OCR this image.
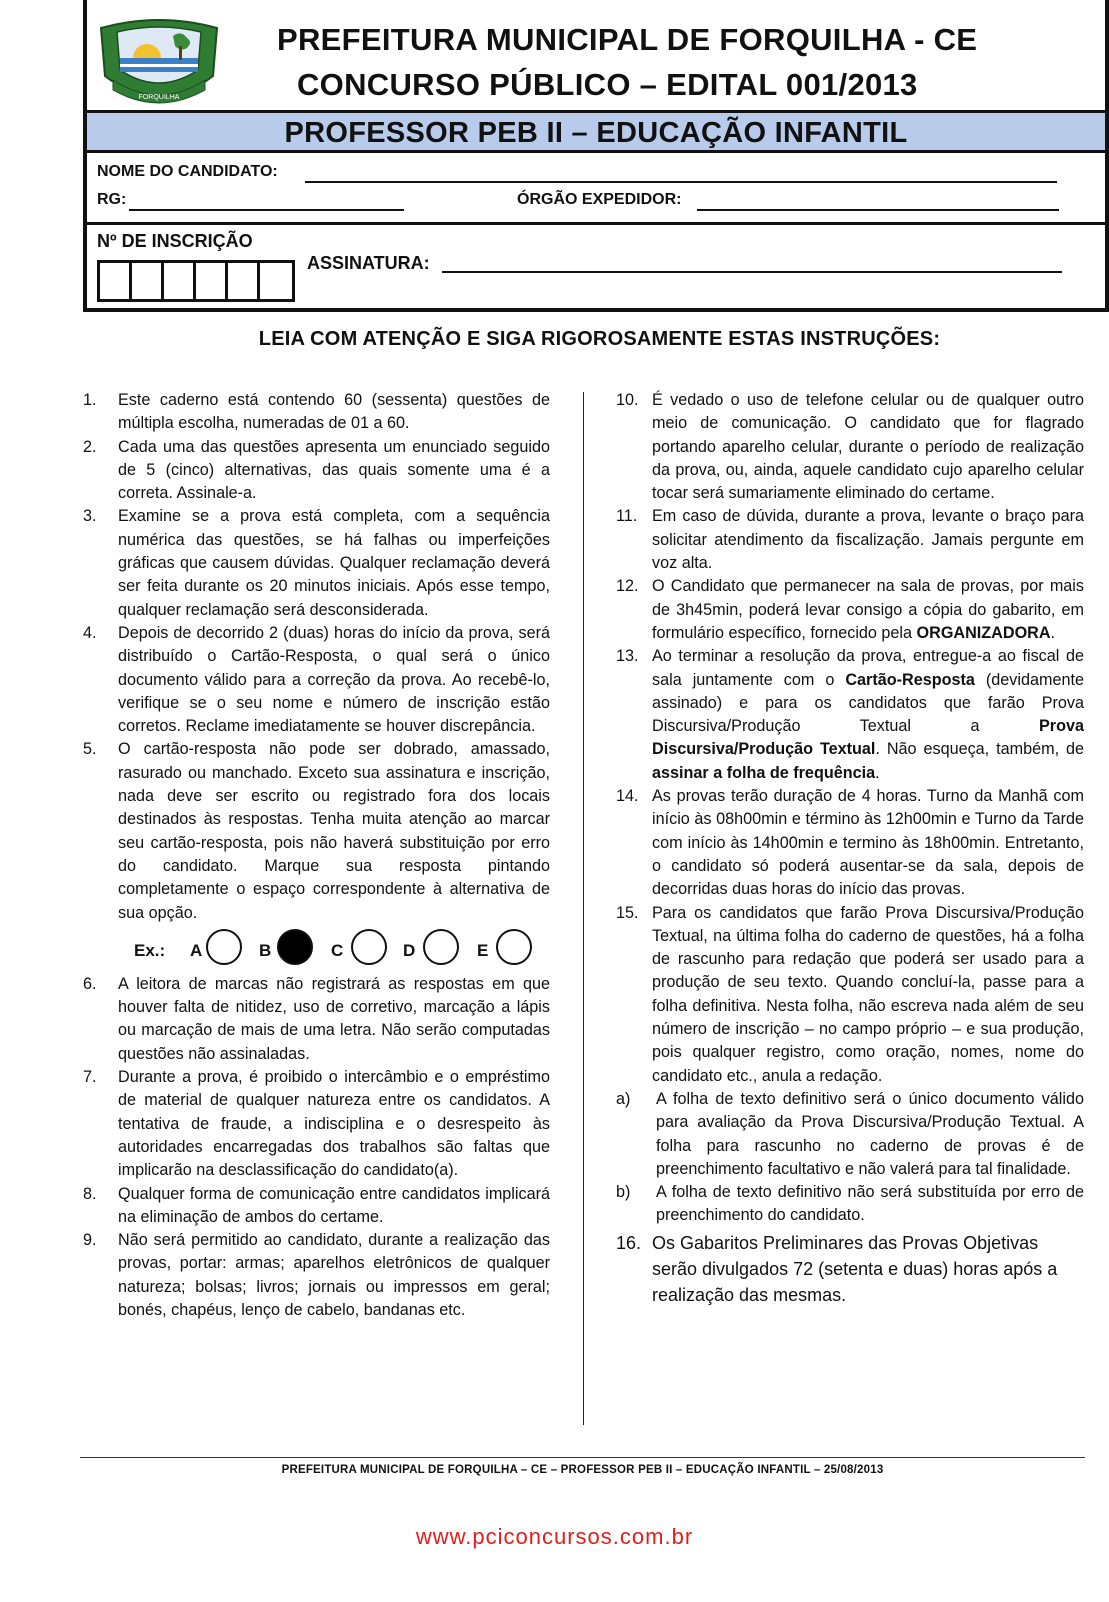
FORQUILHA
PREFEITURA MUNICIPAL DE FORQUILHA - CE
CONCURSO PÚBLICO – EDITAL 001/2013
PROFESSOR PEB II – EDUCAÇÃO INFANTIL
NOME DO CANDIDATO:
RG:	ÓRGÃO EXPEDIDOR:
Nº DE INSCRIÇÃO
ASSINATURA:
LEIA COM ATENÇÃO E SIGA RIGOROSAMENTE ESTAS INSTRUÇÕES:
1. Este caderno está contendo 60 (sessenta) questões de múltipla escolha, numeradas de 01 a 60.
2. Cada uma das questões apresenta um enunciado seguido de 5 (cinco) alternativas, das quais somente uma é a correta. Assinale-a.
3. Examine se a prova está completa, com a sequência numérica das questões, se há falhas ou imperfeições gráficas que causem dúvidas. Qualquer reclamação deverá ser feita durante os 20 minutos iniciais. Após esse tempo, qualquer reclamação será desconsiderada.
4. Depois de decorrido 2 (duas) horas do início da prova, será distribuído o Cartão-Resposta, o qual será o único documento válido para a correção da prova. Ao recebê-lo, verifique se o seu nome e número de inscrição estão corretos. Reclame imediatamente se houver discrepância.
5. O cartão-resposta não pode ser dobrado, amassado, rasurado ou manchado. Exceto sua assinatura e inscrição, nada deve ser escrito ou registrado fora dos locais destinados às respostas. Tenha muita atenção ao marcar seu cartão-resposta, pois não haverá substituição por erro do candidato. Marque sua resposta pintando completamente o espaço correspondente à alternativa de sua opção.
Ex.: A	B	C	D	E
6. A leitora de marcas não registrará as respostas em que houver falta de nitidez, uso de corretivo, marcação a lápis ou marcação de mais de uma letra. Não serão computadas questões não assinaladas.
7. Durante a prova, é proibido o intercâmbio e o empréstimo de material de qualquer natureza entre os candidatos. A tentativa de fraude, a indisciplina e o desrespeito às autoridades encarregadas dos trabalhos são faltas que implicarão na desclassificação do candidato(a).
8. Qualquer forma de comunicação entre candidatos implicará na eliminação de ambos do certame.
9. Não será permitido ao candidato, durante a realização das provas, portar: armas; aparelhos eletrônicos de qualquer natureza; bolsas; livros; jornais ou impressos em geral; bonés, chapéus, lenço de cabelo, bandanas etc.
10. É vedado o uso de telefone celular ou de qualquer outro meio de comunicação. O candidato que for flagrado portando aparelho celular, durante o período de realização da prova, ou, ainda, aquele candidato cujo aparelho celular tocar será sumariamente eliminado do certame.
11. Em caso de dúvida, durante a prova, levante o braço para solicitar atendimento da fiscalização. Jamais pergunte em voz alta.
12. O Candidato que permanecer na sala de provas, por mais de 3h45min, poderá levar consigo a cópia do gabarito, em formulário específico, fornecido pela ORGANIZADORA.
13. Ao terminar a resolução da prova, entregue-a ao fiscal de sala juntamente com o Cartão-Resposta (devidamente assinado) e para os candidatos que farão Prova Discursiva/Produção Textual a Prova Discursiva/Produção Textual. Não esqueça, também, de assinar a folha de frequência.
14. As provas terão duração de 4 horas. Turno da Manhã com início às 08h00min e término às 12h00min e Turno da Tarde com início às 14h00min e termino às 18h00min. Entretanto, o candidato só poderá ausentar-se da sala, depois de decorridas duas horas do início das provas.
15. Para os candidatos que farão Prova Discursiva/Produção Textual, na última folha do caderno de questões, há a folha de rascunho para redação que poderá ser usado para a produção de seu texto. Quando concluí-la, passe para a folha definitiva. Nesta folha, não escreva nada além de seu número de inscrição – no campo próprio – e sua produção, pois qualquer registro, como oração, nomes, nome do candidato etc., anula a redação.
a) A folha de texto definitivo será o único documento válido para avaliação da Prova Discursiva/Produção Textual. A folha para rascunho no caderno de provas é de preenchimento facultativo e não valerá para tal finalidade.
b) A folha de texto definitivo não será substituída por erro de preenchimento do candidato.
16. Os Gabaritos Preliminares das Provas Objetivas serão divulgados 72 (setenta e duas) horas após a realização das mesmas.
PREFEITURA MUNICIPAL DE FORQUILHA – CE – PROFESSOR PEB II – EDUCAÇÃO INFANTIL – 25/08/2013
www.pciconcursos.com.br
